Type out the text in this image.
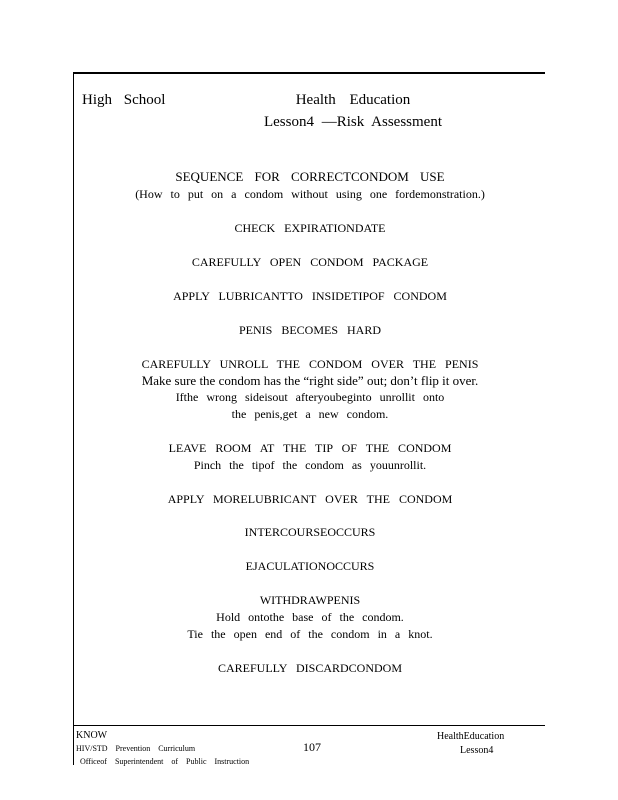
High School	Health Education
Lesson4 —Risk Assessment
SEQUENCE FOR CORRECTCONDOM USE
(How to put on a condom without using one fordemonstration.)
CHECK EXPIRATIONDATE
CAREFULLY OPEN CONDOM PACKAGE
APPLY LUBRICANTTO INSIDETIPOF CONDOM
PENIS BECOMES HARD
CAREFULLY UNROLL THE CONDOM OVER THE PENIS
Make sure the condom has the “right side” out; don’t flip it over.
Ifthe wrong sideisout afteryoubeginto unrollit onto
the penis,get a new condom.
LEAVE ROOM AT THE TIP OF THE CONDOM
Pinch the tipof the condom as youunrollit.
APPLY MORELUBRICANT OVER THE CONDOM
INTERCOURSEOCCURS
EJACULATIONOCCURS
WITHDRAWPENIS
Hold ontothe base of the condom.
Tie the open end of the condom in a knot.
CAREFULLY DISCARDCONDOM
KNOW
HIV/STD Prevention Curriculum
Officeof Superintendent of Public Instruction
107
HealthEducation
Lesson4
